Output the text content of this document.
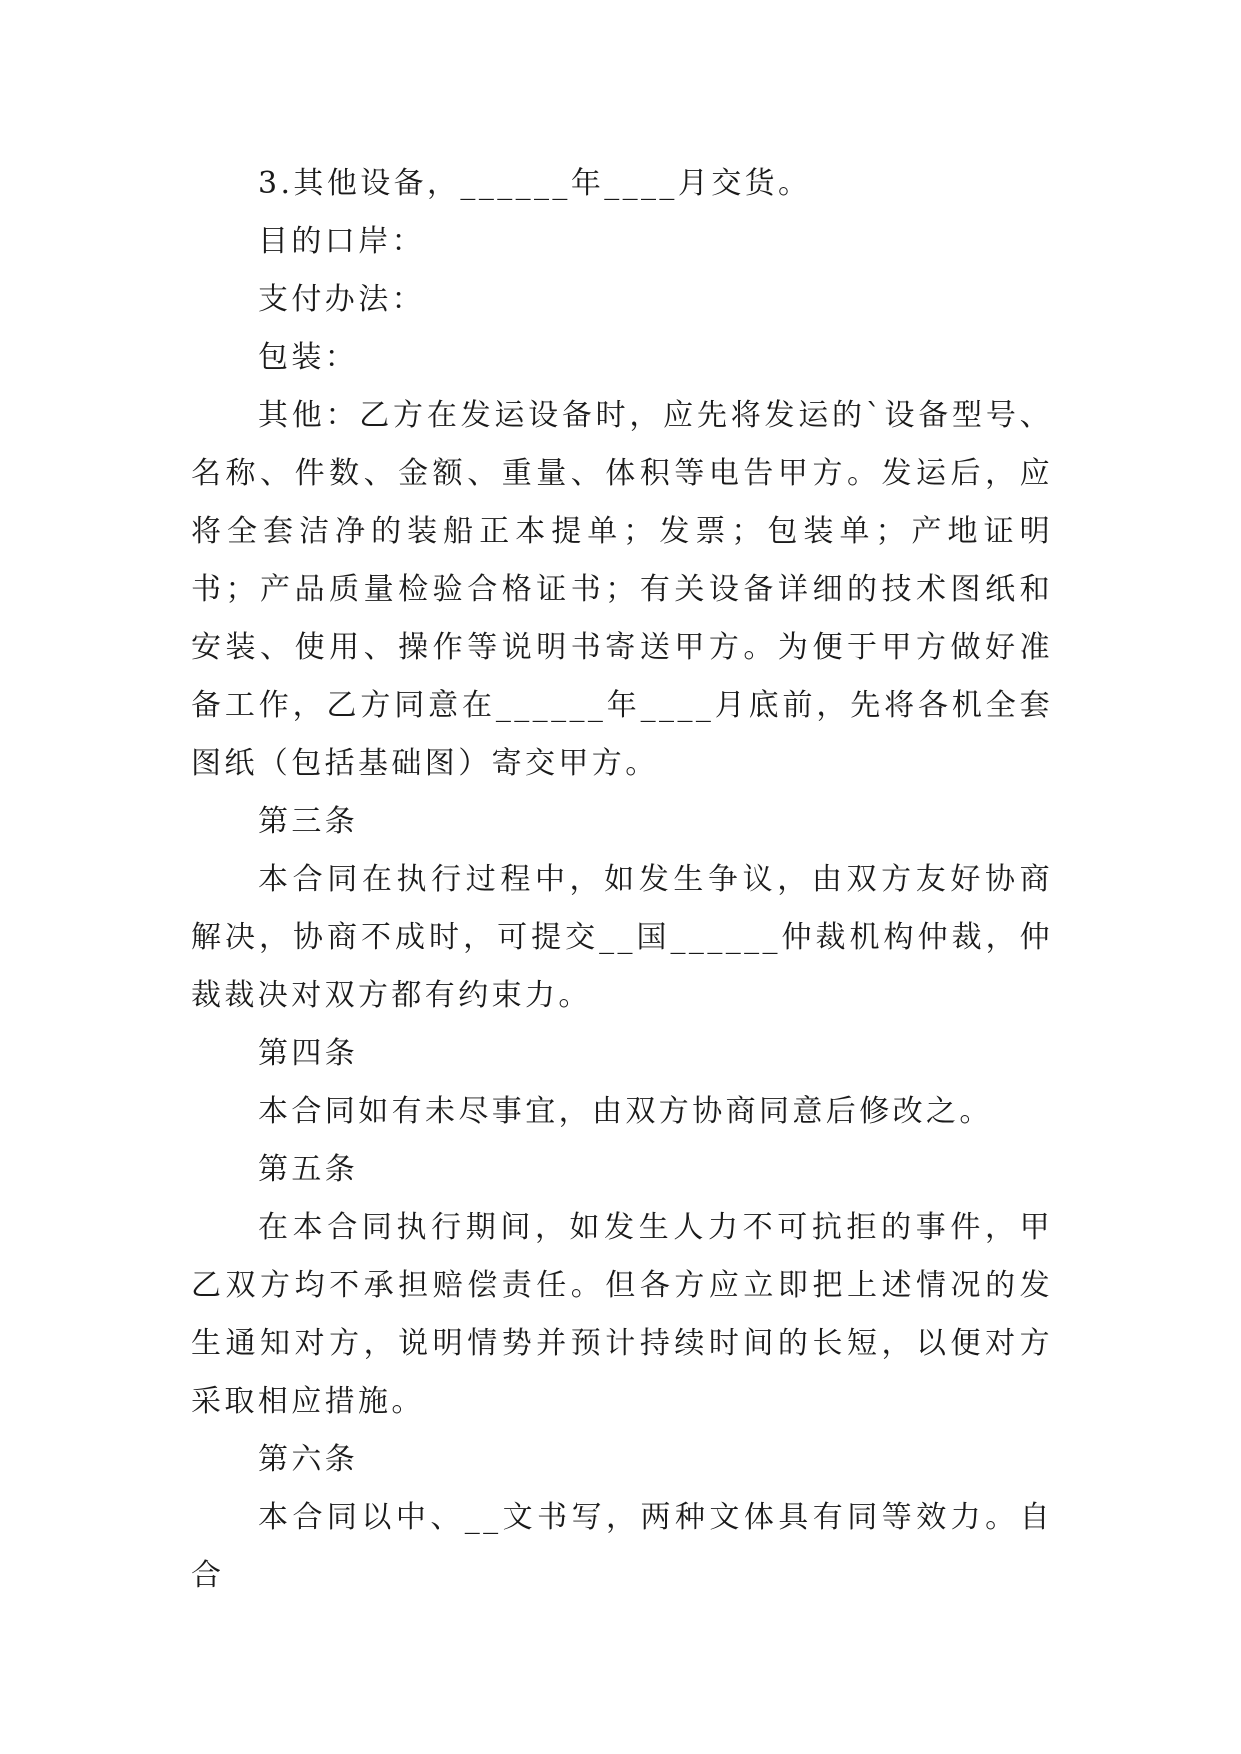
3.其他设备，______年____月交货。

目的口岸：

支付办法：

包装：

其他：乙方在发运设备时，应先将发运的`设备型号、名称、件数、金额、重量、体积等电告甲方。发运后，应将全套洁净的装船正本提单；发票；包装单；产地证明书；产品质量检验合格证书；有关设备详细的技术图纸和安装、使用、操作等说明书寄送甲方。为便于甲方做好准备工作，乙方同意在______年____月底前，先将各机全套图纸（包括基础图）寄交甲方。

第三条

本合同在执行过程中，如发生争议，由双方友好协商解决，协商不成时，可提交__国______仲裁机构仲裁，仲裁裁决对双方都有约束力。

第四条

本合同如有未尽事宜，由双方协商同意后修改之。

第五条

在本合同执行期间，如发生人力不可抗拒的事件，甲乙双方均不承担赔偿责任。但各方应立即把上述情况的发生通知对方，说明情势并预计持续时间的长短，以便对方采取相应措施。

第六条

本合同以中、__文书写，两种文体具有同等效力。自合
